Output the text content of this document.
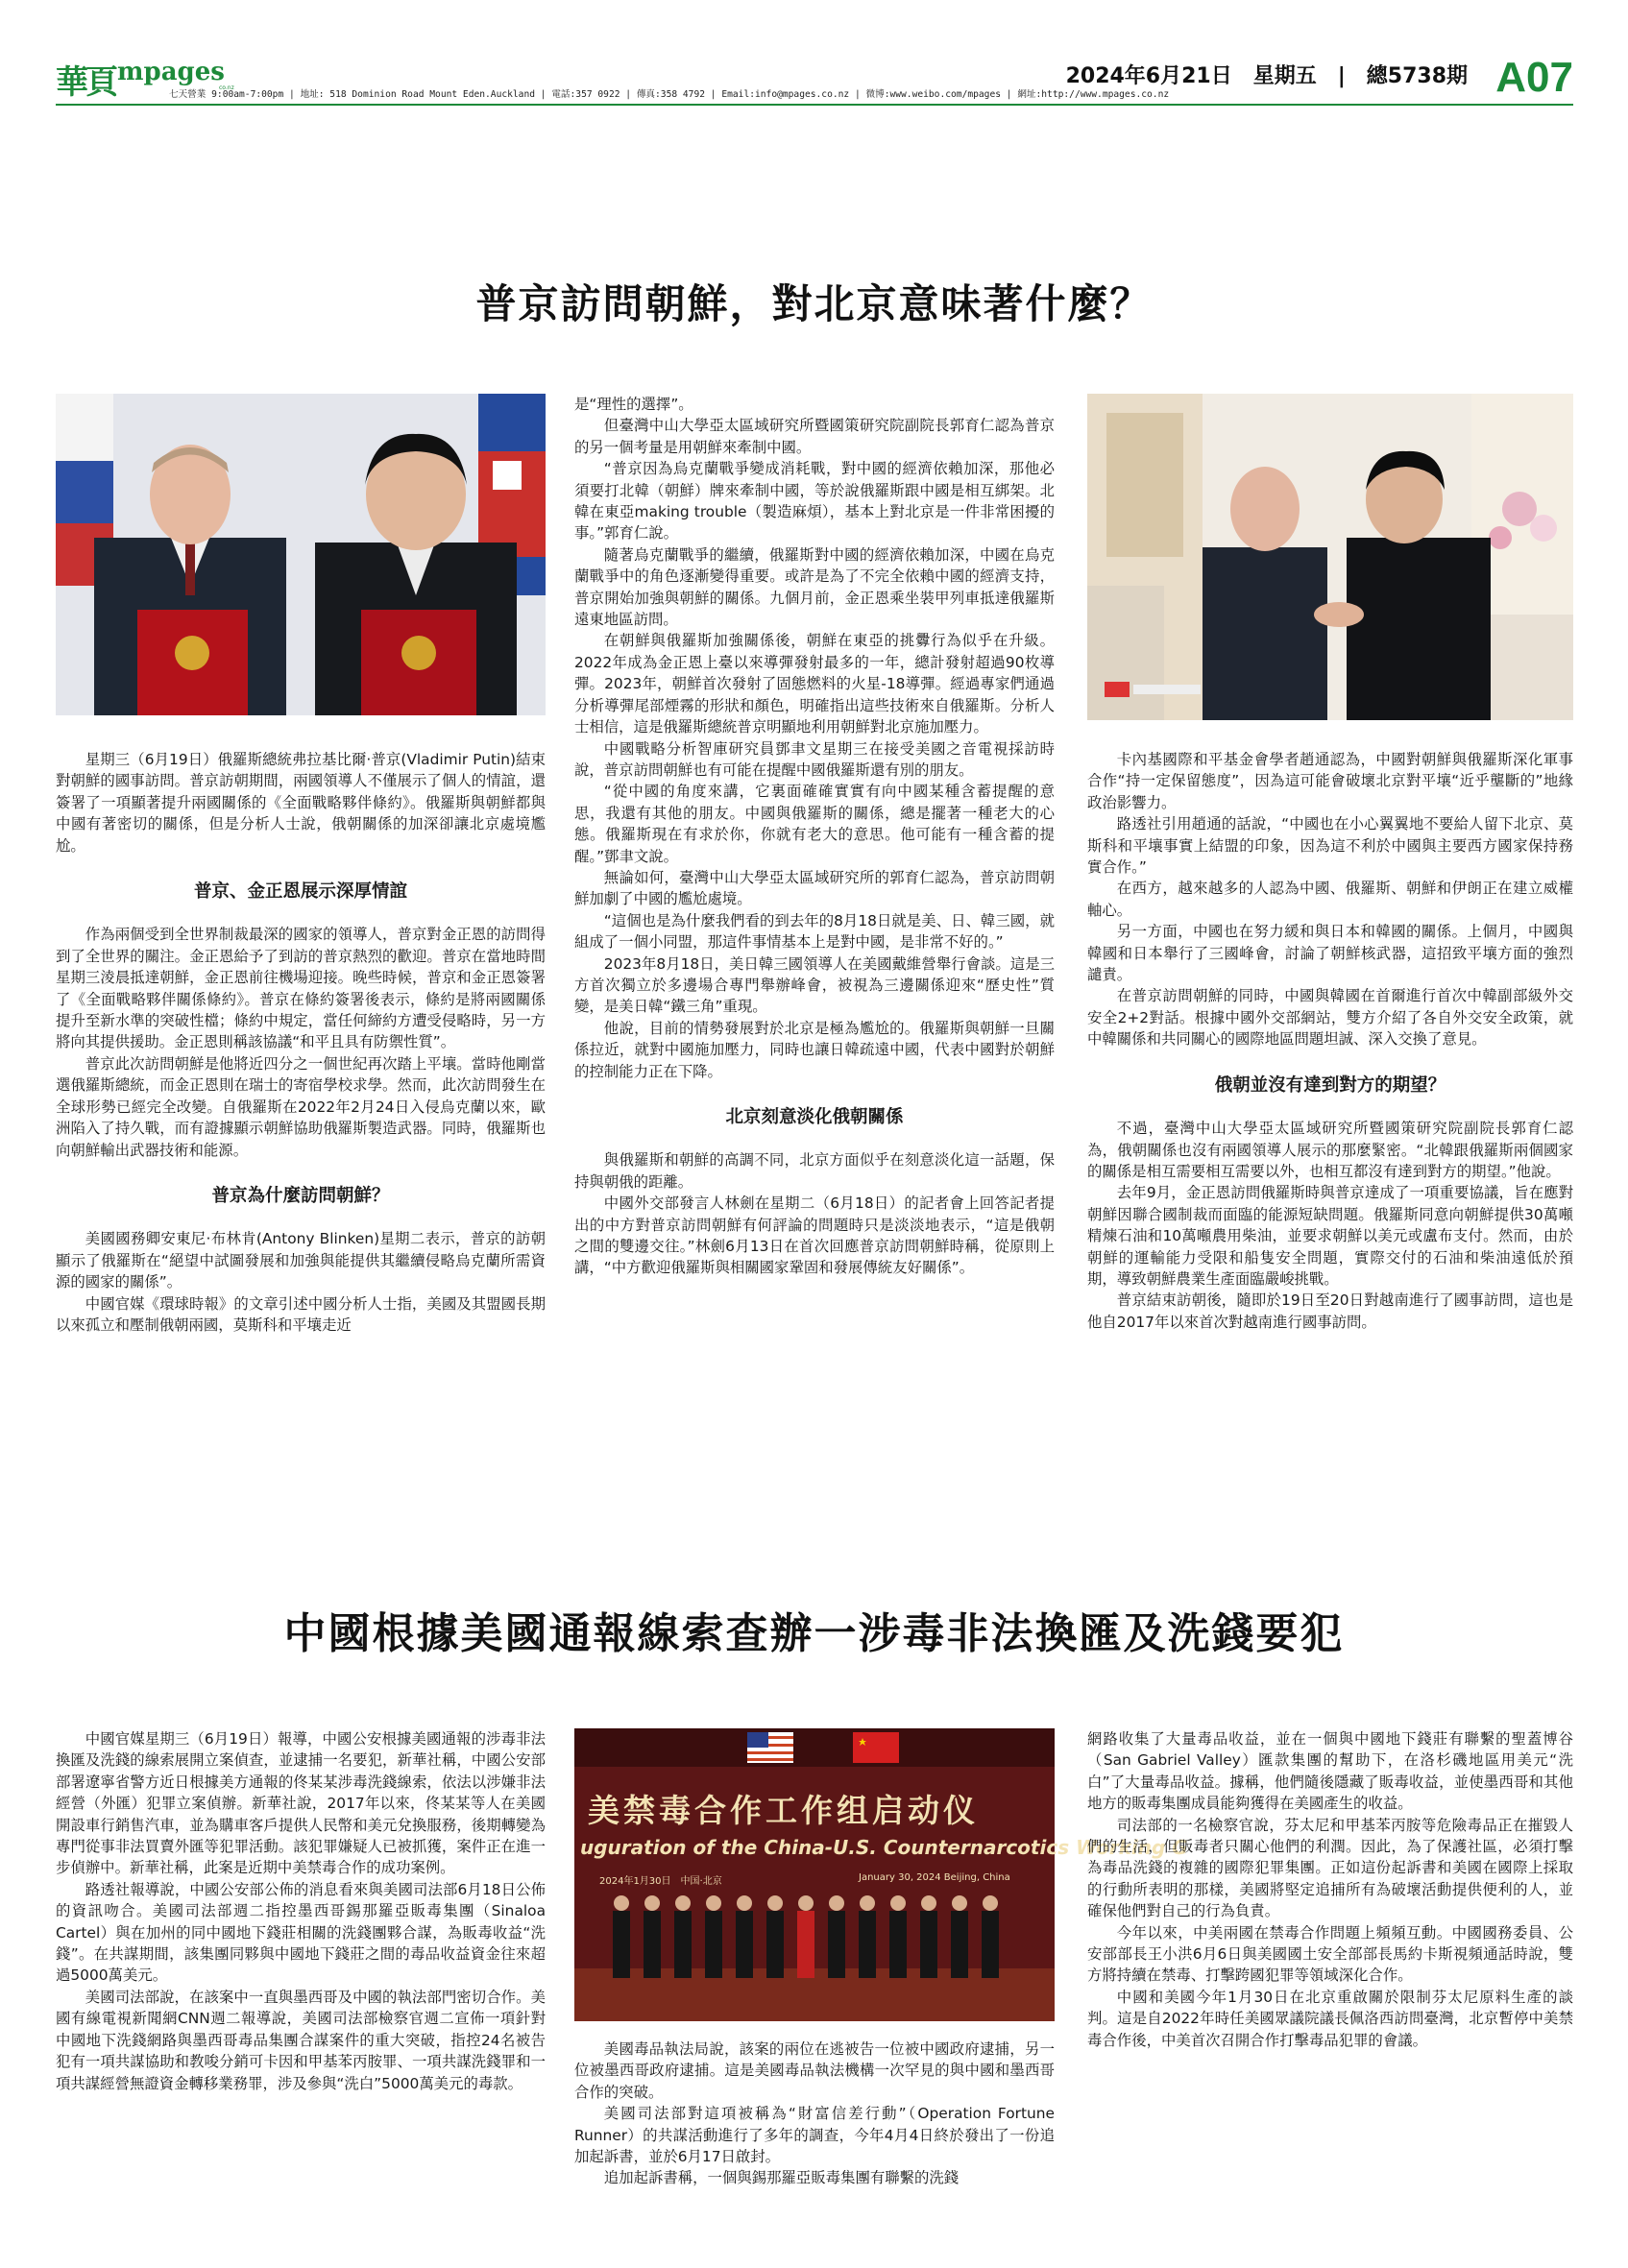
華頁 mpages
co.nz
七天營業 9:00am-7:00pm | 地址: 518 Dominion Road Mount Eden.Auckland | 電話:357 0922 | 傳真:358 4792 | Email:info@mpages.co.nz | 微博:www.weibo.com/mpages | 網址:http://www.mpages.co.nz
2024年6月21日　星期五　|　總5738期 A07
普京訪問朝鮮，對北京意味著什麼？

星期三（6月19日）俄羅斯總統弗拉基比爾·普京(Vladimir Putin)結束對朝鮮的國事訪問。普京訪朝期間，兩國領導人不僅展示了個人的情誼，還簽署了一項顯著提升兩國關係的《全面戰略夥伴條約》。俄羅斯與朝鮮都與中國有著密切的關係，但是分析人士說，俄朝關係的加深卻讓北京處境尷尬。

普京、金正恩展示深厚情誼

作為兩個受到全世界制裁最深的國家的領導人，普京對金正恩的訪問得到了全世界的關注。金正恩給予了到訪的普京熱烈的歡迎。普京在當地時間星期三淩晨抵達朝鮮，金正恩前往機場迎接。晚些時候，普京和金正恩簽署了《全面戰略夥伴關係條約》。普京在條約簽署後表示，條約是將兩國關係提升至新水準的突破性檔；條約中規定，當任何締約方遭受侵略時，另一方將向其提供援助。金正恩則稱該協議“和平且具有防禦性質”。

普京此次訪問朝鮮是他將近四分之一個世紀再次踏上平壤。當時他剛當選俄羅斯總統，而金正恩則在瑞士的寄宿學校求學。然而，此次訪問發生在全球形勢已經完全改變。自俄羅斯在2022年2月24日入侵烏克蘭以來，歐洲陷入了持久戰，而有證據顯示朝鮮協助俄羅斯製造武器。同時，俄羅斯也向朝鮮輸出武器技術和能源。

普京為什麼訪問朝鮮？

美國國務卿安東尼·布林肯(Antony Blinken)星期二表示，普京的訪朝顯示了俄羅斯在“絕望中試圖發展和加強與能提供其繼續侵略烏克蘭所需資源的國家的關係”。

中國官媒《環球時報》的文章引述中國分析人士指，美國及其盟國長期以來孤立和壓制俄朝兩國，莫斯科和平壤走近

是“理性的選擇”。

但臺灣中山大學亞太區域研究所暨國策研究院副院長郭育仁認為普京的另一個考量是用朝鮮來牽制中國。

“普京因為烏克蘭戰爭變成消耗戰，對中國的經濟依賴加深，那他必須要打北韓（朝鮮）牌來牽制中國，等於說俄羅斯跟中國是相互綁架。北韓在東亞making trouble（製造麻煩），基本上對北京是一件非常困擾的事。”郭育仁說。

隨著烏克蘭戰爭的繼續，俄羅斯對中國的經濟依賴加深，中國在烏克蘭戰爭中的角色逐漸變得重要。或許是為了不完全依賴中國的經濟支持，普京開始加強與朝鮮的關係。九個月前，金正恩乘坐裝甲列車抵達俄羅斯遠東地區訪問。

在朝鮮與俄羅斯加強關係後，朝鮮在東亞的挑釁行為似乎在升級。2022年成為金正恩上臺以來導彈發射最多的一年，總計發射超過90枚導彈。2023年，朝鮮首次發射了固態燃料的火星-18導彈。經過專家們通過分析導彈尾部煙霧的形狀和顏色，明確指出這些技術來自俄羅斯。分析人士相信，這是俄羅斯總統普京明顯地利用朝鮮對北京施加壓力。

中國戰略分析智庫研究員鄧聿文星期三在接受美國之音電視採訪時說，普京訪問朝鮮也有可能在提醒中國俄羅斯還有別的朋友。

“從中國的角度來講，它裏面確確實實有向中國某種含蓄提醒的意思，我還有其他的朋友。中國與俄羅斯的關係，總是擺著一種老大的心態。俄羅斯現在有求於你，你就有老大的意思。他可能有一種含蓄的提醒。”鄧聿文說。

無論如何，臺灣中山大學亞太區域研究所的郭育仁認為，普京訪問朝鮮加劇了中國的尷尬處境。

“這個也是為什麼我們看的到去年的8月18日就是美、日、韓三國，就組成了一個小同盟，那這件事情基本上是對中國，是非常不好的。”

2023年8月18日，美日韓三國領導人在美國戴維營舉行會談。這是三方首次獨立於多邊場合專門舉辦峰會，被視為三邊關係迎來“歷史性”質變，是美日韓“鐵三角”重現。

他說，目前的情勢發展對於北京是極為尷尬的。俄羅斯與朝鮮一旦關係拉近，就對中國施加壓力，同時也讓日韓疏遠中國，代表中國對於朝鮮的控制能力正在下降。

北京刻意淡化俄朝關係

與俄羅斯和朝鮮的高調不同，北京方面似乎在刻意淡化這一話題，保持與朝俄的距離。

中國外交部發言人林劍在星期二（6月18日）的記者會上回答記者提出的中方對普京訪問朝鮮有何評論的問題時只是淡淡地表示，“這是俄朝之間的雙邊交往。”林劍6月13日在首次回應普京訪問朝鮮時稱，從原則上講，“中方歡迎俄羅斯與相關國家鞏固和發展傳統友好關係”。

卡內基國際和平基金會學者趙通認為，中國對朝鮮與俄羅斯深化軍事合作“持一定保留態度”，因為這可能會破壞北京對平壤“近乎壟斷的”地緣政治影響力。

路透社引用趙通的話說，“中國也在小心翼翼地不要給人留下北京、莫斯科和平壤事實上結盟的印象，因為這不利於中國與主要西方國家保持務實合作。”

在西方，越來越多的人認為中國、俄羅斯、朝鮮和伊朗正在建立威權軸心。

另一方面，中國也在努力緩和與日本和韓國的關係。上個月，中國與韓國和日本舉行了三國峰會，討論了朝鮮核武器，這招致平壤方面的強烈譴責。

在普京訪問朝鮮的同時，中國與韓國在首爾進行首次中韓副部級外交安全2+2對話。根據中國外交部網站，雙方介紹了各自外交安全政策，就中韓關係和共同關心的國際地區問題坦誠、深入交換了意見。

俄朝並沒有達到對方的期望？

不過，臺灣中山大學亞太區域研究所暨國策研究院副院長郭育仁認為，俄朝關係也沒有兩國領導人展示的那麼緊密。“北韓跟俄羅斯兩個國家的關係是相互需要相互需要以外，也相互都沒有達到對方的期望。”他說。

去年9月，金正恩訪問俄羅斯時與普京達成了一項重要協議，旨在應對朝鮮因聯合國制裁而面臨的能源短缺問題。俄羅斯同意向朝鮮提供30萬噸精煉石油和10萬噸農用柴油，並要求朝鮮以美元或盧布支付。然而，由於朝鮮的運輸能力受限和船隻安全問題，實際交付的石油和柴油遠低於預期，導致朝鮮農業生產面臨嚴峻挑戰。

普京結束訪朝後，隨即於19日至20日對越南進行了國事訪問，這也是他自2017年以來首次對越南進行國事訪問。

中國根據美國通報線索查辦一涉毒非法換匯及洗錢要犯

中國官媒星期三（6月19日）報導，中國公安根據美國通報的涉毒非法換匯及洗錢的線索展開立案偵查，並逮捕一名要犯，新華社稱，中國公安部部署遼寧省警方近日根據美方通報的佟某某涉毒洗錢線索，依法以涉嫌非法經營（外匯）犯罪立案偵辦。新華社說，2017年以來，佟某某等人在美國開設車行銷售汽車，並為購車客戶提供人民幣和美元兌換服務，後期轉變為專門從事非法買賣外匯等犯罪活動。該犯罪嫌疑人已被抓獲，案件正在進一步偵辦中。新華社稱，此案是近期中美禁毒合作的成功案例。

路透社報導說，中國公安部公佈的消息看來與美國司法部6月18日公佈的資訊吻合。美國司法部週二指控墨西哥錫那羅亞販毒集團（Sinaloa Cartel）與在加州的同中國地下錢莊相關的洗錢團夥合謀，為販毒收益“洗錢”。在共謀期間，該集團同夥與中國地下錢莊之間的毒品收益資金往來超過5000萬美元。

美國司法部說，在該案中一直與墨西哥及中國的執法部門密切合作。美國有線電視新聞網CNN週二報導說，美國司法部檢察官週二宣佈一項針對中國地下洗錢網路與墨西哥毒品集團合謀案件的重大突破，指控24名被告犯有一項共謀協助和教唆分銷可卡因和甲基苯丙胺罪、一項共謀洗錢罪和一項共謀經營無證資金轉移業務罪，涉及參與“洗白”5000萬美元的毒款。

美禁毒合作工作组启动仪
uguration of the China-U.S. Counternarcotics Working G
2024年1月30日　中国·北京	January 30, 2024 Beijing, China

美國毒品執法局說，該案的兩位在逃被告一位被中國政府逮捕，另一位被墨西哥政府逮捕。這是美國毒品執法機構一次罕見的與中國和墨西哥合作的突破。

美國司法部對這項被稱為“財富信差行動”（Operation Fortune Runner）的共謀活動進行了多年的調查，今年4月4日終於發出了一份追加起訴書，並於6月17日啟封。

追加起訴書稱，一個與錫那羅亞販毒集團有聯繫的洗錢

網路收集了大量毒品收益，並在一個與中國地下錢莊有聯繫的聖蓋博谷（San Gabriel Valley）匯款集團的幫助下，在洛杉磯地區用美元“洗白”了大量毒品收益。據稱，他們隨後隱藏了販毒收益，並使墨西哥和其他地方的販毒集團成員能夠獲得在美國產生的收益。

司法部的一名檢察官說，芬太尼和甲基苯丙胺等危險毒品正在摧毀人們的生活，但販毒者只關心他們的利潤。因此，為了保護社區，必須打擊為毒品洗錢的複雜的國際犯罪集團。正如這份起訴書和美國在國際上採取的行動所表明的那樣，美國將堅定追捕所有為破壞活動提供便利的人，並確保他們對自己的行為負責。

今年以來，中美兩國在禁毒合作問題上頻頻互動。中國國務委員、公安部部長王小洪6月6日與美國國土安全部部長馬約卡斯視頻通話時說，雙方將持續在禁毒、打擊跨國犯罪等領域深化合作。

中國和美國今年1月30日在北京重啟關於限制芬太尼原料生產的談判。這是自2022年時任美國眾議院議長佩洛西訪問臺灣，北京暫停中美禁毒合作後，中美首次召開合作打擊毒品犯罪的會議。
